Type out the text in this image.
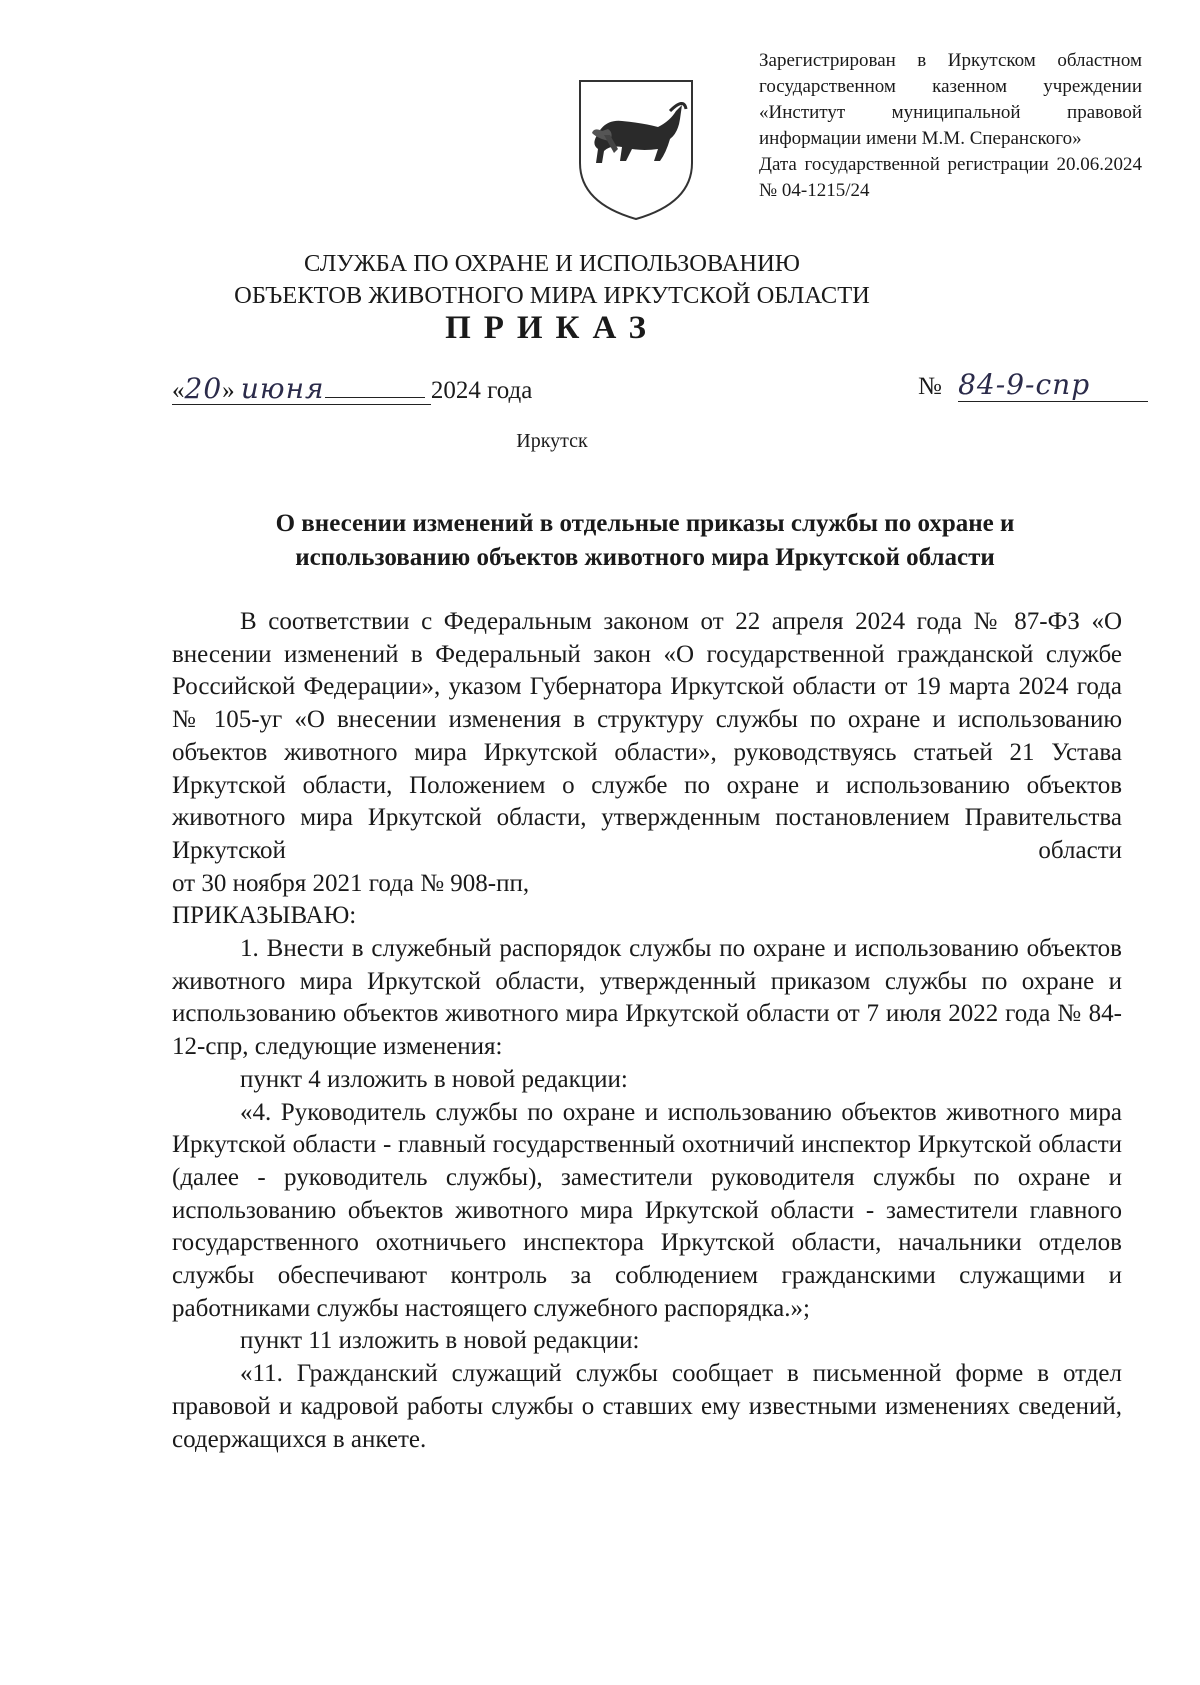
Зарегистрирован в Иркутском областном государственном казенном учреждении «Институт муниципальной правовой информации имени М.М. Сперанского»

Дата государственной регистрации 20.06.2024 № 04-1215/24

СЛУЖБА ПО ОХРАНЕ И ИСПОЛЬЗОВАНИЮ
ОБЪЕКТОВ ЖИВОТНОГО МИРА ИРКУТСКОЙ ОБЛАСТИ
ПРИКАЗ
«20» июня	2024 года	№ 84-9-спр
Иркутск

О внесении изменений в отдельные приказы службы по охране и

использованию объектов животного мира Иркутской области

В соответствии с Федеральным законом от 22 апреля 2024 года № 87-ФЗ «О внесении изменений в Федеральный закон «О государственной гражданской службе Российской Федерации», указом Губернатора Иркутской области от 19 марта 2024 года № 105-уг «О внесении изменения в структуру службы по охране и использованию объектов животного мира Иркутской области», руководствуясь статьей 21 Устава Иркутской области, Положением о службе по охране и использованию объектов животного мира Иркутской области, утвержденным постановлением Правительства Иркутской области

от 30 ноября 2021 года № 908-пп,

ПРИКАЗЫВАЮ:

1. Внести в служебный распорядок службы по охране и использованию объектов животного мира Иркутской области, утвержденный приказом службы по охране и использованию объектов животного мира Иркутской области от 7 июля 2022 года № 84-12-спр, следующие изменения:

пункт 4 изложить в новой редакции:

«4. Руководитель службы по охране и использованию объектов животного мира Иркутской области - главный государственный охотничий инспектор Иркутской области (далее - руководитель службы), заместители руководителя службы по охране и использованию объектов животного мира Иркутской области - заместители главного государственного охотничьего инспектора Иркутской области, начальники отделов службы обеспечивают контроль за соблюдением гражданскими служащими и работниками службы настоящего служебного распорядка.»;

пункт 11 изложить в новой редакции:

«11. Гражданский служащий службы сообщает в письменной форме в отдел правовой и кадровой работы службы о ставших ему известными изменениях сведений, содержащихся в анкете.
